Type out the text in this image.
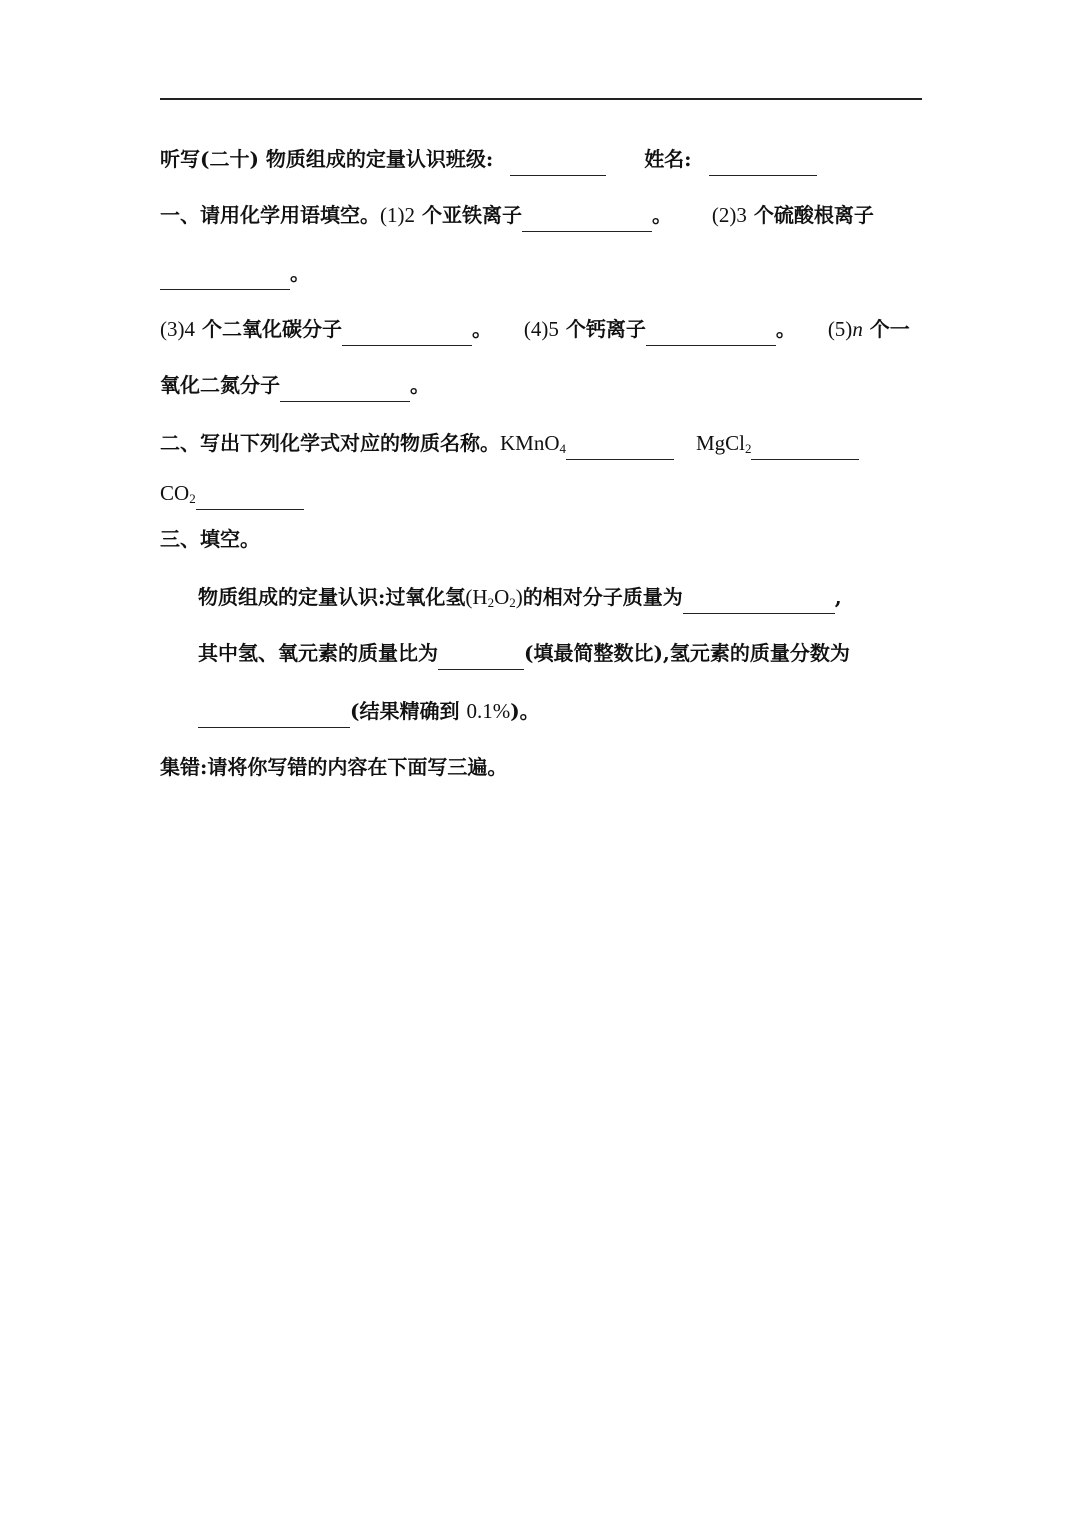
听写(二十) 物质组成的定量认识班级:	姓名:
一、请用化学用语填空。(1)2 个亚铁离子	。 (2)3 个硫酸根离子
。
(3)4 个二氧化碳分子	。 (4)5 个钙离子	。 (5)n 个一
氧化二氮分子	。
二、写出下列化学式对应的物质名称。KMnO$_4$	MgCl$_2$
$CO_2$
三、填空。
物质组成的定量认识:过氧化氢$(H_2O_2)$的相对分子质量为	,
其中氢、氧元素的质量比为	(填最简整数比),氢元素的质量分数为
(结果精确到 0.1%)。
集错:请将你写错的内容在下面写三遍。
